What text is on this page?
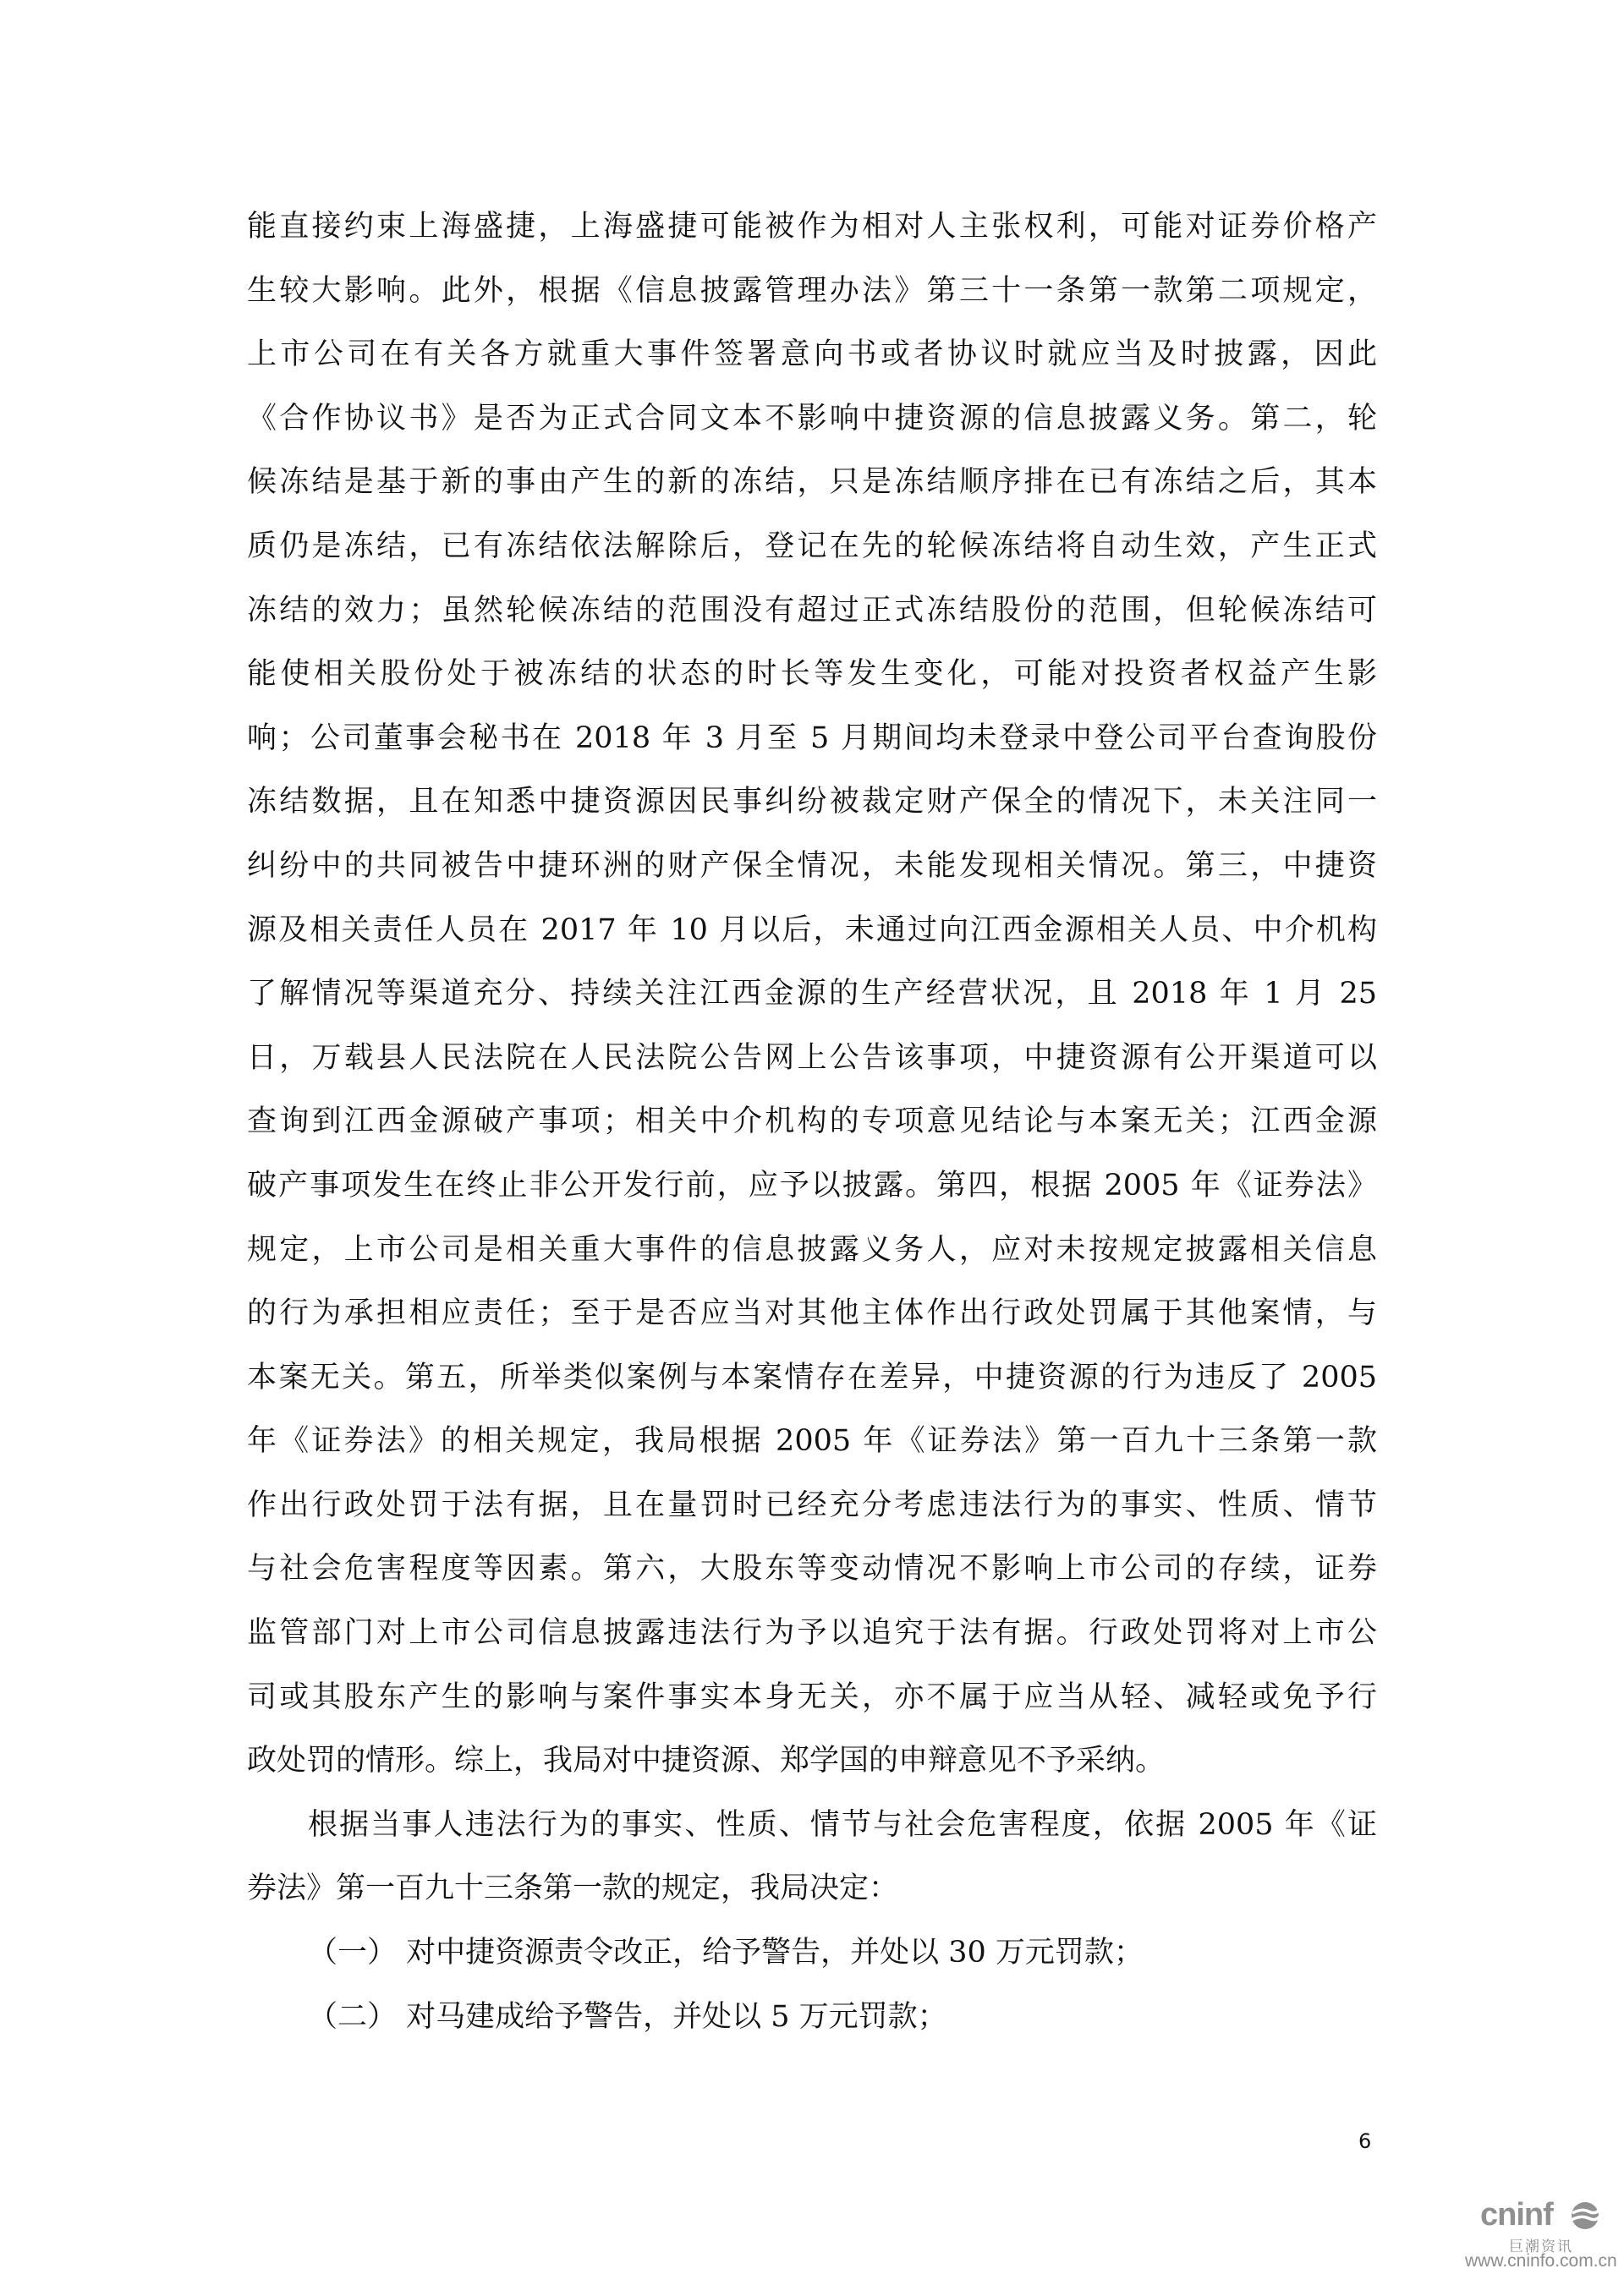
能直接约束上海盛捷，上海盛捷可能被作为相对人主张权利，可能对证券价格产
生较大影响。此外，根据《信息披露管理办法》第三十一条第一款第二项规定，
上市公司在有关各方就重大事件签署意向书或者协议时就应当及时披露，因此
《合作协议书》是否为正式合同文本不影响中捷资源的信息披露义务。第二，轮
候冻结是基于新的事由产生的新的冻结，只是冻结顺序排在已有冻结之后，其本
质仍是冻结，已有冻结依法解除后，登记在先的轮候冻结将自动生效，产生正式
冻结的效力；虽然轮候冻结的范围没有超过正式冻结股份的范围，但轮候冻结可
能使相关股份处于被冻结的状态的时长等发生变化，可能对投资者权益产生影
响；公司董事会秘书在 2018 年 3 月至 5 月期间均未登录中登公司平台查询股份
冻结数据，且在知悉中捷资源因民事纠纷被裁定财产保全的情况下，未关注同一
纠纷中的共同被告中捷环洲的财产保全情况，未能发现相关情况。第三，中捷资
源及相关责任人员在 2017 年 10 月以后，未通过向江西金源相关人员、中介机构
了解情况等渠道充分、持续关注江西金源的生产经营状况，且 2018 年 1 月 25
日，万载县人民法院在人民法院公告网上公告该事项，中捷资源有公开渠道可以
查询到江西金源破产事项；相关中介机构的专项意见结论与本案无关；江西金源
破产事项发生在终止非公开发行前，应予以披露。第四，根据 2005 年《证券法》
规定，上市公司是相关重大事件的信息披露义务人，应对未按规定披露相关信息
的行为承担相应责任；至于是否应当对其他主体作出行政处罚属于其他案情，与
本案无关。第五，所举类似案例与本案情存在差异，中捷资源的行为违反了 2005
年《证券法》的相关规定，我局根据 2005 年《证券法》第一百九十三条第一款
作出行政处罚于法有据，且在量罚时已经充分考虑违法行为的事实、性质、情节
与社会危害程度等因素。第六，大股东等变动情况不影响上市公司的存续，证券
监管部门对上市公司信息披露违法行为予以追究于法有据。行政处罚将对上市公
司或其股东产生的影响与案件事实本身无关，亦不属于应当从轻、减轻或免予行
政处罚的情形。综上，我局对中捷资源、郑学国的申辩意见不予采纳。
根据当事人违法行为的事实、性质、情节与社会危害程度，依据 2005 年《证
券法》第一百九十三条第一款的规定，我局决定：
（一） 对中捷资源责令改正，给予警告，并处以 30 万元罚款；
（二） 对马建成给予警告，并处以 5 万元罚款；
6
cninf
巨潮资讯
www.cninfo.com.cn
